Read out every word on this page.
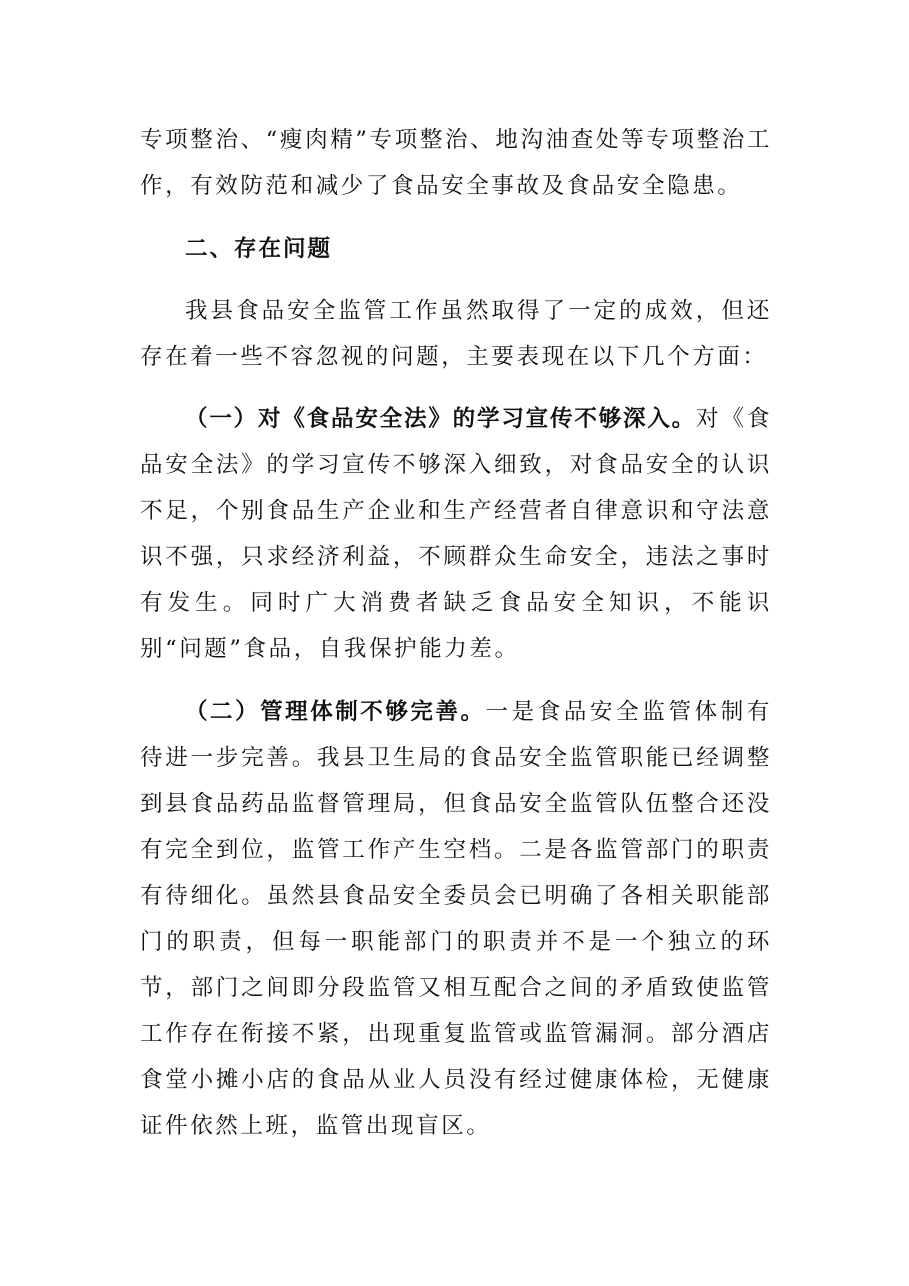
专项整治、“瘦肉精”专项整治、地沟油查处等专项整治工作，有效防范和减少了食品安全事故及食品安全隐患。

二、存在问题

我县食品安全监管工作虽然取得了一定的成效，但还存在着一些不容忽视的问题，主要表现在以下几个方面：

（一）对《食品安全法》的学习宣传不够深入。对《食品安全法》的学习宣传不够深入细致，对食品安全的认识不足，个别食品生产企业和生产经营者自律意识和守法意识不强，只求经济利益，不顾群众生命安全，违法之事时有发生。同时广大消费者缺乏食品安全知识，不能识别“问题”食品，自我保护能力差。

（二）管理体制不够完善。一是食品安全监管体制有待进一步完善。我县卫生局的食品安全监管职能已经调整到县食品药品监督管理局，但食品安全监管队伍整合还没有完全到位，监管工作产生空档。二是各监管部门的职责有待细化。虽然县食品安全委员会已明确了各相关职能部门的职责，但每一职能部门的职责并不是一个独立的环节，部门之间即分段监管又相互配合之间的矛盾致使监管工作存在衔接不紧，出现重复监管或监管漏洞。部分酒店食堂小摊小店的食品从业人员没有经过健康体检，无健康证件依然上班，监管出现盲区。
